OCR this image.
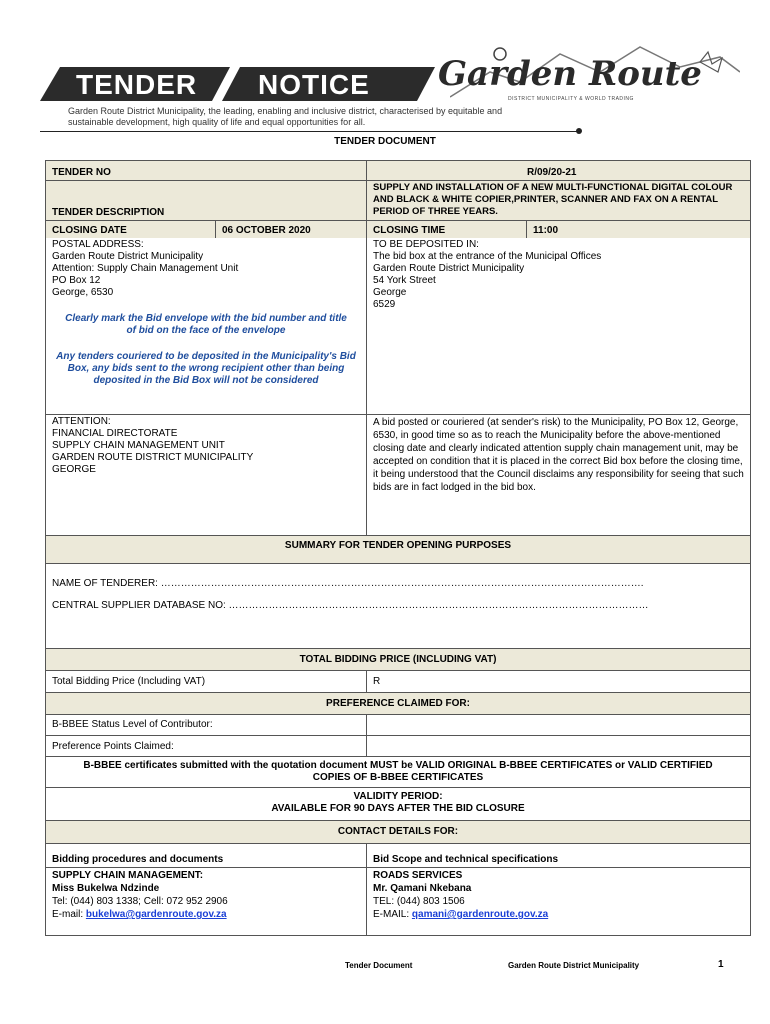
TENDER NOTICE
Garden Route District Municipality, the leading, enabling and inclusive district, characterised by equitable and sustainable development, high quality of life and equal opportunities for all.
Garden Route
DISTRICT MUNICIPALITY & WORLD TRADING
TENDER DOCUMENT
TENDER NO	R/09/20-21
TENDER DESCRIPTION
SUPPLY AND INSTALLATION OF A NEW MULTI-FUNCTIONAL DIGITAL COLOUR AND BLACK & WHITE COPIER,PRINTER, SCANNER AND FAX ON A RENTAL PERIOD OF THREE YEARS.
CLOSING DATE	06 OCTOBER 2020	CLOSING TIME	11:00
POSTAL ADDRESS:
Garden Route District Municipality
Attention: Supply Chain Management Unit
PO Box 12
George, 6530
Clearly mark the Bid envelope with the bid number and title of bid on the face of the envelope
Any tenders couriered to be deposited in the Municipality's Bid Box, any bids sent to the wrong recipient other than being deposited in the Bid Box will not be considered
TO BE DEPOSITED IN:
The bid box at the entrance of the Municipal Offices
Garden Route District Municipality
54 York Street
George
6529
ATTENTION:
FINANCIAL DIRECTORATE
SUPPLY CHAIN MANAGEMENT UNIT
GARDEN ROUTE DISTRICT MUNICIPALITY
GEORGE
A bid posted or couriered (at sender's risk) to the Municipality, PO Box 12, George, 6530, in good time so as to reach the Municipality before the above-mentioned closing date and clearly indicated attention supply chain management unit, may be accepted on condition that it is placed in the correct Bid box before the closing time, it being understood that the Council disclaims any responsibility for seeing that such bids are in fact lodged in the bid box.
SUMMARY FOR TENDER OPENING PURPOSES
NAME OF TENDERER: ……………………………………………………………………………………………………………………………….
CENTRAL SUPPLIER DATABASE NO: ………………………………………………………………………………………………………………
TOTAL BIDDING PRICE (INCLUDING VAT)
Total Bidding Price (Including VAT)	R
PREFERENCE CLAIMED FOR:
B-BBEE Status Level of Contributor:
Preference Points Claimed:
B-BBEE certificates submitted with the quotation document MUST be VALID ORIGINAL B-BBEE CERTIFICATES or VALID CERTIFIED COPIES OF B-BBEE CERTIFICATES
VALIDITY PERIOD:
AVAILABLE FOR 90 DAYS AFTER THE BID CLOSURE
CONTACT DETAILS FOR:
Bidding procedures and documents	Bid Scope and technical specifications
SUPPLY CHAIN MANAGEMENT:
Miss Bukelwa Ndzinde
Tel: (044) 803 1338; Cell: 072 952 2906
E-mail: bukelwa@gardenroute.gov.za
ROADS SERVICES
Mr. Qamani Nkebana
TEL: (044) 803 1506
E-MAIL: qamani@gardenroute.gov.za
Tender Document	Garden Route District Municipality	1
